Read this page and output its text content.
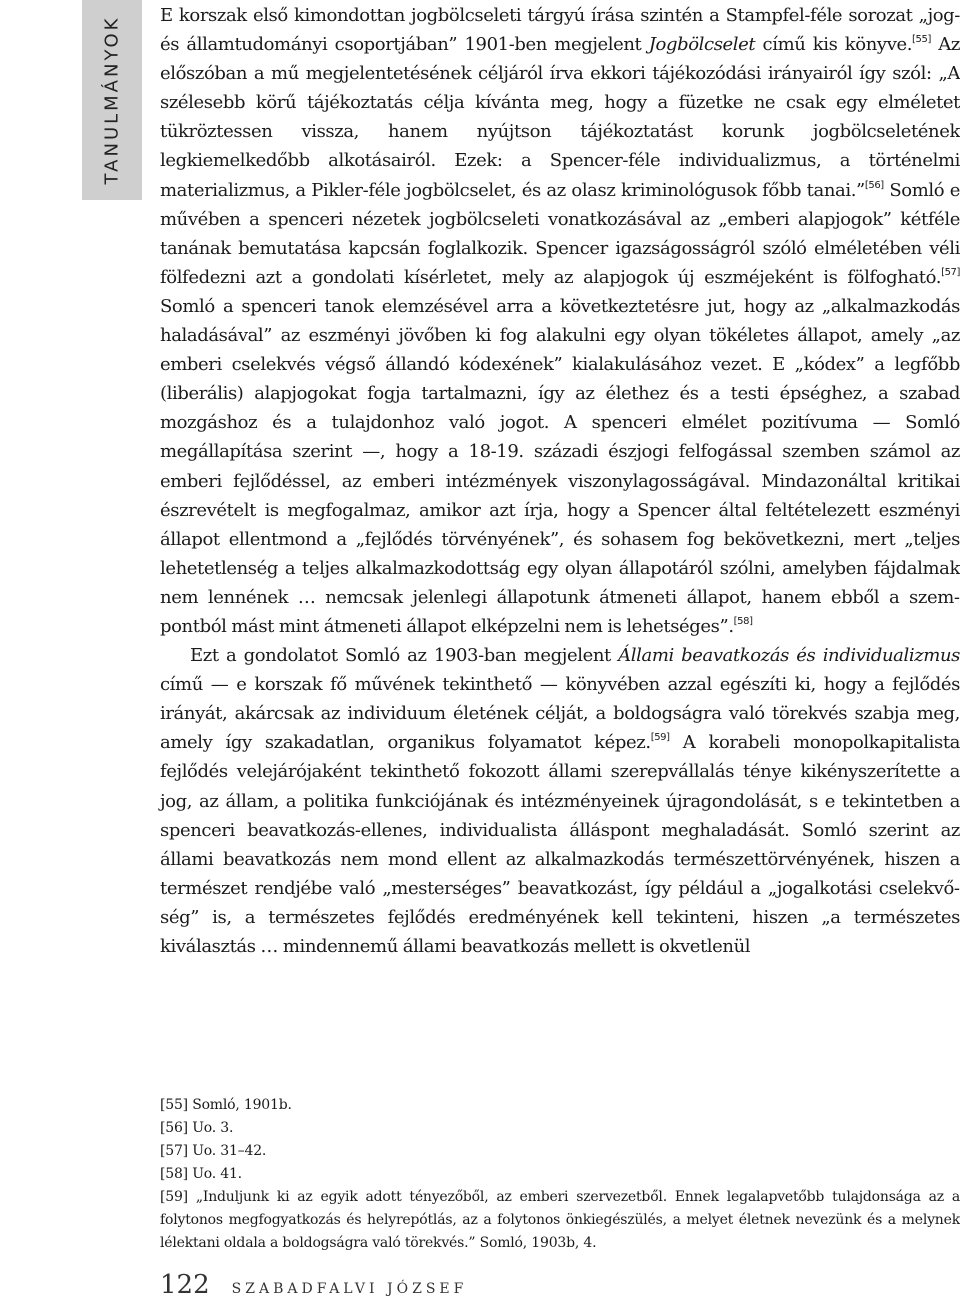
TANULMÁNYOK

E korszak első kimondottan jogbölcseleti tárgyú írása szintén a Stampfel-féle sorozat „jog- és államtudományi csoportjában” 1901-ben megjelent Jogbölcselet című kis könyve.[55] Az előszóban a mű megjelentetésének céljáról írva ekkori tájékozódási irányairól így szól: „A szélesebb körű tájékoztatás célja kívánta meg, hogy a füzetke ne csak egy elméletet tükröztessen vissza, hanem nyújtson tájékoztatást korunk jogbölcseletének legkiemelkedőbb alkotásairól. Ezek: a Spencer-féle individualizmus, a történelmi materializmus, a Pikler-féle jogbölcselet, és az olasz kriminológusok főbb tanai.”[56] Somló e művében a spenceri nézetek jogbölcseleti vonatkozásával az „emberi alapjogok” kétféle tanának bemutatása kapcsán foglalkozik. Spencer igazságosságról szóló elméletében véli fölfedezni azt a gondolati kísérletet, mely az alapjogok új eszméjeként is fölfogható.[57] Somló a spenceri tanok elemzésével arra a következtetésre jut, hogy az „alkalmazkodás haladásával” az eszményi jövőben ki fog alakulni egy olyan tökéletes állapot, amely „az emberi cselekvés végső állandó kódexének” kialakulásához vezet. E „kódex” a legfőbb (liberális) alapjogokat fogja tartalmazni, így az élethez és a testi épséghez, a szabad mozgáshoz és a tulajdonhoz való jogot. A spenceri elmélet pozitívuma — Somló megállapítása szerint —, hogy a 18-19. századi észjogi felfogással szemben számol az emberi fejlődéssel, az emberi intézmények viszonylagosságával. Mindazonáltal kritikai észrevételt is megfogalmaz, amikor azt írja, hogy a Spencer által feltételezett eszményi állapot ellentmond a „fejlődés törvényének”, és sohasem fog bekövetkezni, mert „teljes lehetetlenség a teljes alkalmazkodottság egy olyan állapotáról szólni, amelyben fájdalmak nem lennének … nemcsak jelenlegi állapotunk átmeneti állapot, hanem ebből a szempontból mást mint átmeneti állapot elképzelni nem is lehetséges”.[58]

Ezt a gondolatot Somló az 1903-ban megjelent Állami beavatkozás és individualizmus című — e korszak fő művének tekinthető — könyvében azzal egészíti ki, hogy a fejlődés irányát, akárcsak az individuum életének célját, a boldogságra való törekvés szabja meg, amely így szakadatlan, organikus folyamatot képez.[59] A korabeli monopolkapitalista fejlődés velejárójaként tekinthető fokozott állami szerepvállalás tényе kikényszerítette a jog, az állam, a politika funkciójának és intézményeinek újragondolását, s e tekintetben a spenceri beavatkozás-ellenes, individualista álláspont meghaladását. Somló szerint az állami beavatkozás nem mond ellent az alkalmazkodás természettörvényének, hiszen a természet rendjébe való „mesterséges” beavatkozást, így például a „jogalkotási cselekvőség” is, a természetes fejlődés eredményének kell tekinteni, hiszen „a természetes kiválasztás … mindennemű állami beavatkozás mellett is okvetlenül

[55] Somló, 1901b.

[56] Uo. 3.

[57] Uo. 31–42.

[58] Uo. 41.

[59] „Induljunk ki az egyik adott tényezőből, az emberi szervezetből. Ennek legalapvetőbb tulajdonsága az a folytonos megfogyatkozás és helyrepótlás, az a folytonos önkiegészülés, a melyet életnek nevezünk és a melynek lélektani oldala a boldogságra való törekvés.” Somló, 1903b, 4.

122 SZABADFALVI JÓZSEF
